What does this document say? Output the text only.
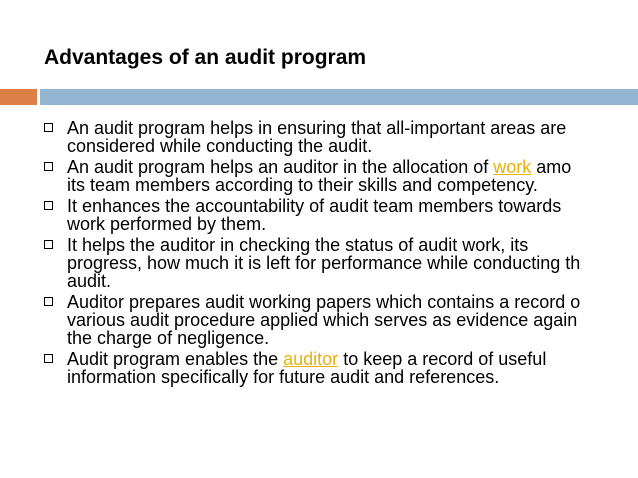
Advantages of an audit program
An audit program helps in ensuring that all-important areas are
considered while conducting the audit.
An audit program helps an auditor in the allocation of work amo
its team members according to their skills and competency.
It enhances the accountability of audit team members towards
work performed by them.
It helps the auditor in checking the status of audit work, its
progress, how much it is left for performance while conducting th
audit.
Auditor prepares audit working papers which contains a record o
various audit procedure applied which serves as evidence again
the charge of negligence.
Audit program enables the auditor to keep a record of useful
information specifically for future audit and references.
